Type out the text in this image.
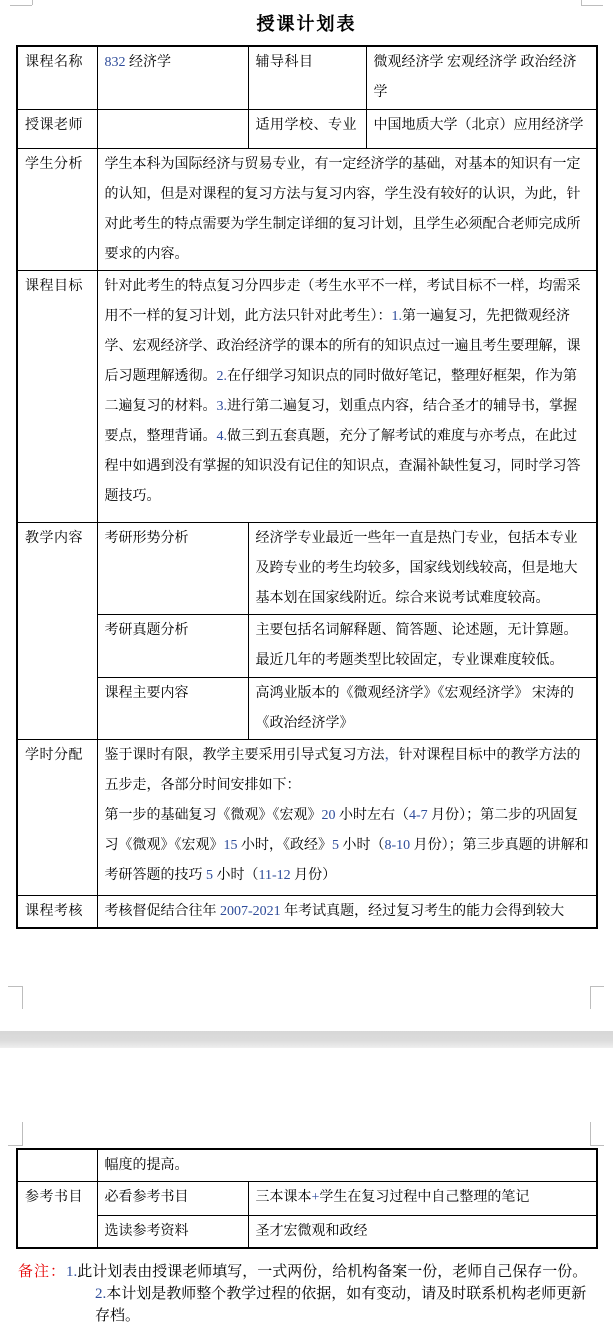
授课计划表
课程名称	832 经济学	辅导科目	微观经济学 宏观经济学 政治经济学
授课老师		适用学校、专业	中国地质大学（北京）应用经济学
学生分析	学生本科为国际经济与贸易专业，有一定经济学的基础，对基本的知识有一定的认知，但是对课程的复习方法与复习内容，学生没有较好的认识，为此，针对此考生的特点需要为学生制定详细的复习计划，且学生必须配合老师完成所要求的内容。		
课程目标	针对此考生的特点复习分四步走（考生水平不一样，考试目标不一样，均需采用不一样的复习计划，此方法只针对此考生）：1.第一遍复习，先把微观经济学、宏观经济学、政治经济学的课本的所有的知识点过一遍且考生要理解，课后习题理解透彻。2.在仔细学习知识点的同时做好笔记，整理好框架，作为第二遍复习的材料。3.进行第二遍复习，划重点内容，结合圣才的辅导书，掌握要点，整理背诵。4.做三到五套真题，充分了解考试的难度与亦考点，在此过程中如遇到没有掌握的知识没有记住的知识点，查漏补缺性复习，同时学习答题技巧。		
教学内容	考研形势分析	经济学专业最近一些年一直是热门专业，包括本专业及跨专业的考生均较多，国家线划线较高，但是地大基本划在国家线附近。综合来说考试难度较高。	
	考研真题分析	主要包括名词解释题、简答题、论述题，无计算题。最近几年的考题类型比较固定，专业课难度较低。	
	课程主要内容	高鸿业版本的《微观经济学》《宏观经济学》 宋涛的《政治经济学》	
学时分配	鉴于课时有限，教学主要采用引导式复习方法，针对课程目标中的教学方法的五步走，各部分时间安排如下：
第一步的基础复习《微观》《宏观》20 小时左右（4-7 月份）；第二步的巩固复习《微观》《宏观》15 小时，《政经》5 小时（8-10 月份）；第三步真题的讲解和考研答题的技巧 5 小时（11-12 月份）		

课程考核	考核督促结合往年 2007-2021 年考试真题，经过复习考生的能力会得到较大		
	幅度的提高。	
参考书目	必看参考书目	三本课本+学生在复习过程中自己整理的笔记
	选读参考资料	圣才宏微观和政经
备注：1.此计划表由授课老师填写，一式两份，给机构备案一份，老师自己保存一份。
2.本计划是教师整个教学过程的依据，如有变动，请及时联系机构老师更新存档。
